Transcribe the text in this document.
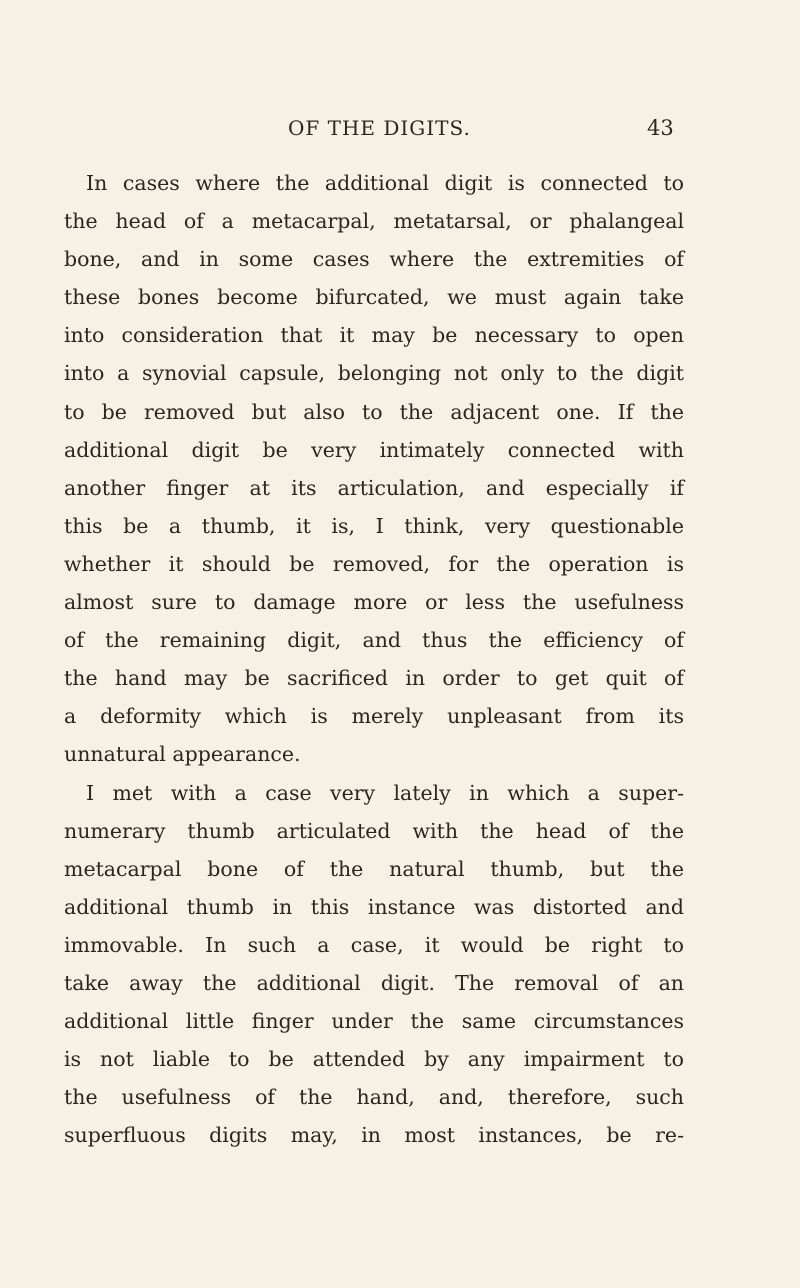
OF THE DIGITS.	43
In cases where the additional digit is connected to
the head of a metacarpal, metatarsal, or phalangeal
bone, and in some cases where the extremities of
these bones become bifurcated, we must again take
into consideration that it may be necessary to open
into a synovial capsule, belonging not only to the digit
to be removed but also to the adjacent one. If the
additional digit be very intimately connected with
another finger at its articulation, and especially if
this be a thumb, it is, I think, very questionable
whether it should be removed, for the operation is
almost sure to damage more or less the usefulness
of the remaining digit, and thus the efficiency of
the hand may be sacrificed in order to get quit of
a deformity which is merely unpleasant from its
unnatural appearance.
I met with a case very lately in which a super-
numerary thumb articulated with the head of the
metacarpal bone of the natural thumb, but the
additional thumb in this instance was distorted and
immovable. In such a case, it would be right to
take away the additional digit. The removal of an
additional little finger under the same circumstances
is not liable to be attended by any impairment to
the usefulness of the hand, and, therefore, such
superfluous digits may, in most instances, be re-
